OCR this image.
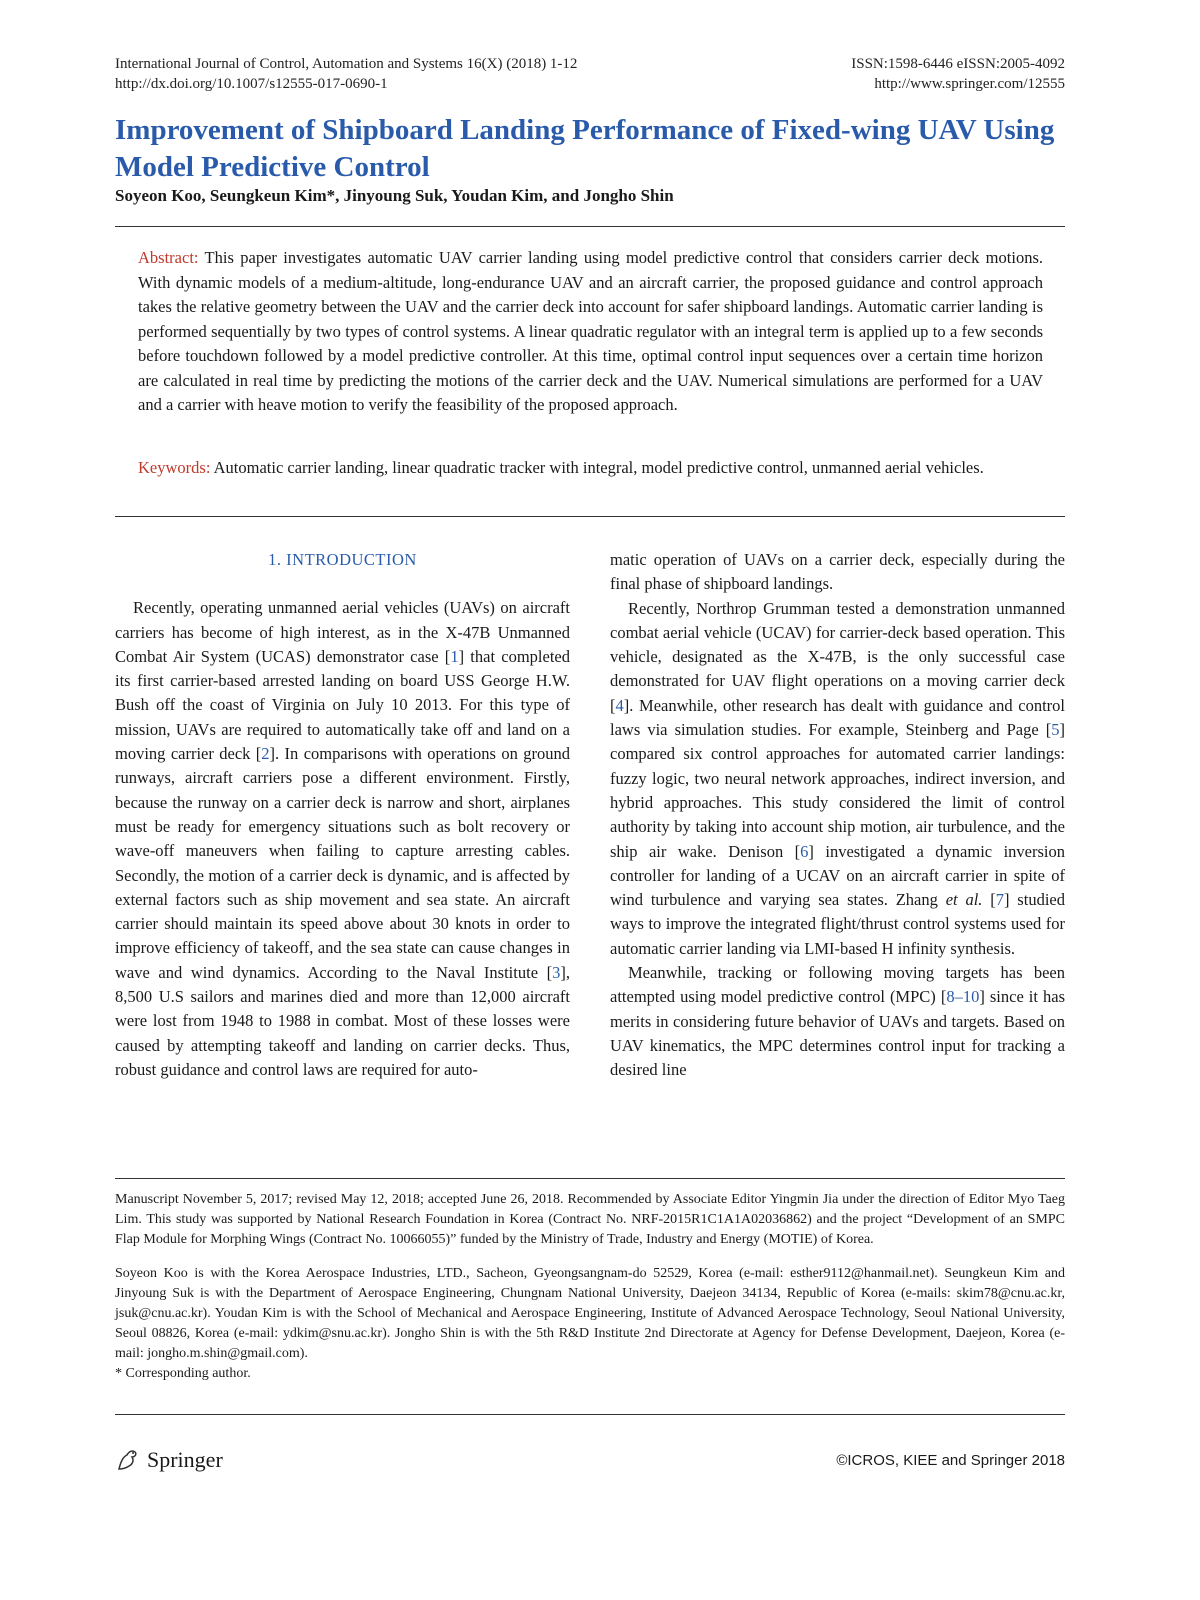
International Journal of Control, Automation and Systems 16(X) (2018) 1-12
http://dx.doi.org/10.1007/s12555-017-0690-1
ISSN:1598-6446 eISSN:2005-4092
http://www.springer.com/12555
Improvement of Shipboard Landing Performance of Fixed-wing UAV Using Model Predictive Control
Soyeon Koo, Seungkeun Kim*, Jinyoung Suk, Youdan Kim, and Jongho Shin
Abstract: This paper investigates automatic UAV carrier landing using model predictive control that considers carrier deck motions. With dynamic models of a medium-altitude, long-endurance UAV and an aircraft carrier, the proposed guidance and control approach takes the relative geometry between the UAV and the carrier deck into account for safer shipboard landings. Automatic carrier landing is performed sequentially by two types of control systems. A linear quadratic regulator with an integral term is applied up to a few seconds before touchdown followed by a model predictive controller. At this time, optimal control input sequences over a certain time horizon are calculated in real time by predicting the motions of the carrier deck and the UAV. Numerical simulations are performed for a UAV and a carrier with heave motion to verify the feasibility of the proposed approach.
Keywords: Automatic carrier landing, linear quadratic tracker with integral, model predictive control, unmanned aerial vehicles.
1. INTRODUCTION

Recently, operating unmanned aerial vehicles (UAVs) on aircraft carriers has become of high interest, as in the X-47B Unmanned Combat Air System (UCAS) demonstrator case [1] that completed its first carrier-based arrested landing on board USS George H.W. Bush off the coast of Virginia on July 10 2013. For this type of mission, UAVs are required to automatically take off and land on a moving carrier deck [2]. In comparisons with operations on ground runways, aircraft carriers pose a different environment. Firstly, because the runway on a carrier deck is narrow and short, airplanes must be ready for emergency situations such as bolt recovery or wave-off maneuvers when failing to capture arresting cables. Secondly, the motion of a carrier deck is dynamic, and is affected by external factors such as ship movement and sea state. An aircraft carrier should maintain its speed above about 30 knots in order to improve efficiency of takeoff, and the sea state can cause changes in wave and wind dynamics. According to the Naval Institute [3], 8,500 U.S sailors and marines died and more than 12,000 aircraft were lost from 1948 to 1988 in combat. Most of these losses were caused by attempting takeoff and landing on carrier decks. Thus, robust guidance and control laws are required for auto-

matic operation of UAVs on a carrier deck, especially during the final phase of shipboard landings.

Recently, Northrop Grumman tested a demonstration unmanned combat aerial vehicle (UCAV) for carrier-deck based operation. This vehicle, designated as the X-47B, is the only successful case demonstrated for UAV flight operations on a moving carrier deck [4]. Meanwhile, other research has dealt with guidance and control laws via simulation studies. For example, Steinberg and Page [5] compared six control approaches for automated carrier landings: fuzzy logic, two neural network approaches, indirect inversion, and hybrid approaches. This study considered the limit of control authority by taking into account ship motion, air turbulence, and the ship air wake. Denison [6] investigated a dynamic inversion controller for landing of a UCAV on an aircraft carrier in spite of wind turbulence and varying sea states. Zhang et al. [7] studied ways to improve the integrated flight/thrust control systems used for automatic carrier landing via LMI-based H infinity synthesis.

Meanwhile, tracking or following moving targets has been attempted using model predictive control (MPC) [8–10] since it has merits in considering future behavior of UAVs and targets. Based on UAV kinematics, the MPC determines control input for tracking a desired line

Manuscript November 5, 2017; revised May 12, 2018; accepted June 26, 2018. Recommended by Associate Editor Yingmin Jia under the direction of Editor Myo Taeg Lim. This study was supported by National Research Foundation in Korea (Contract No. NRF-2015R1C1A1A02036862) and the project “Development of an SMPC Flap Module for Morphing Wings (Contract No. 10066055)” funded by the Ministry of Trade, Industry and Energy (MOTIE) of Korea.

Soyeon Koo is with the Korea Aerospace Industries, LTD., Sacheon, Gyeongsangnam-do 52529, Korea (e-mail: esther9112@hanmail.net). Seungkeun Kim and Jinyoung Suk is with the Department of Aerospace Engineering, Chungnam National University, Daejeon 34134, Republic of Korea (e-mails: skim78@cnu.ac.kr, jsuk@cnu.ac.kr). Youdan Kim is with the School of Mechanical and Aerospace Engineering, Institute of Advanced Aerospace Technology, Seoul National University, Seoul 08826, Korea (e-mail: ydkim@snu.ac.kr). Jongho Shin is with the 5th R&D Institute 2nd Directorate at Agency for Defense Development, Daejeon, Korea (e-mail: jongho.m.shin@gmail.com).

* Corresponding author.

Springer	©ICROS, KIEE and Springer 2018
